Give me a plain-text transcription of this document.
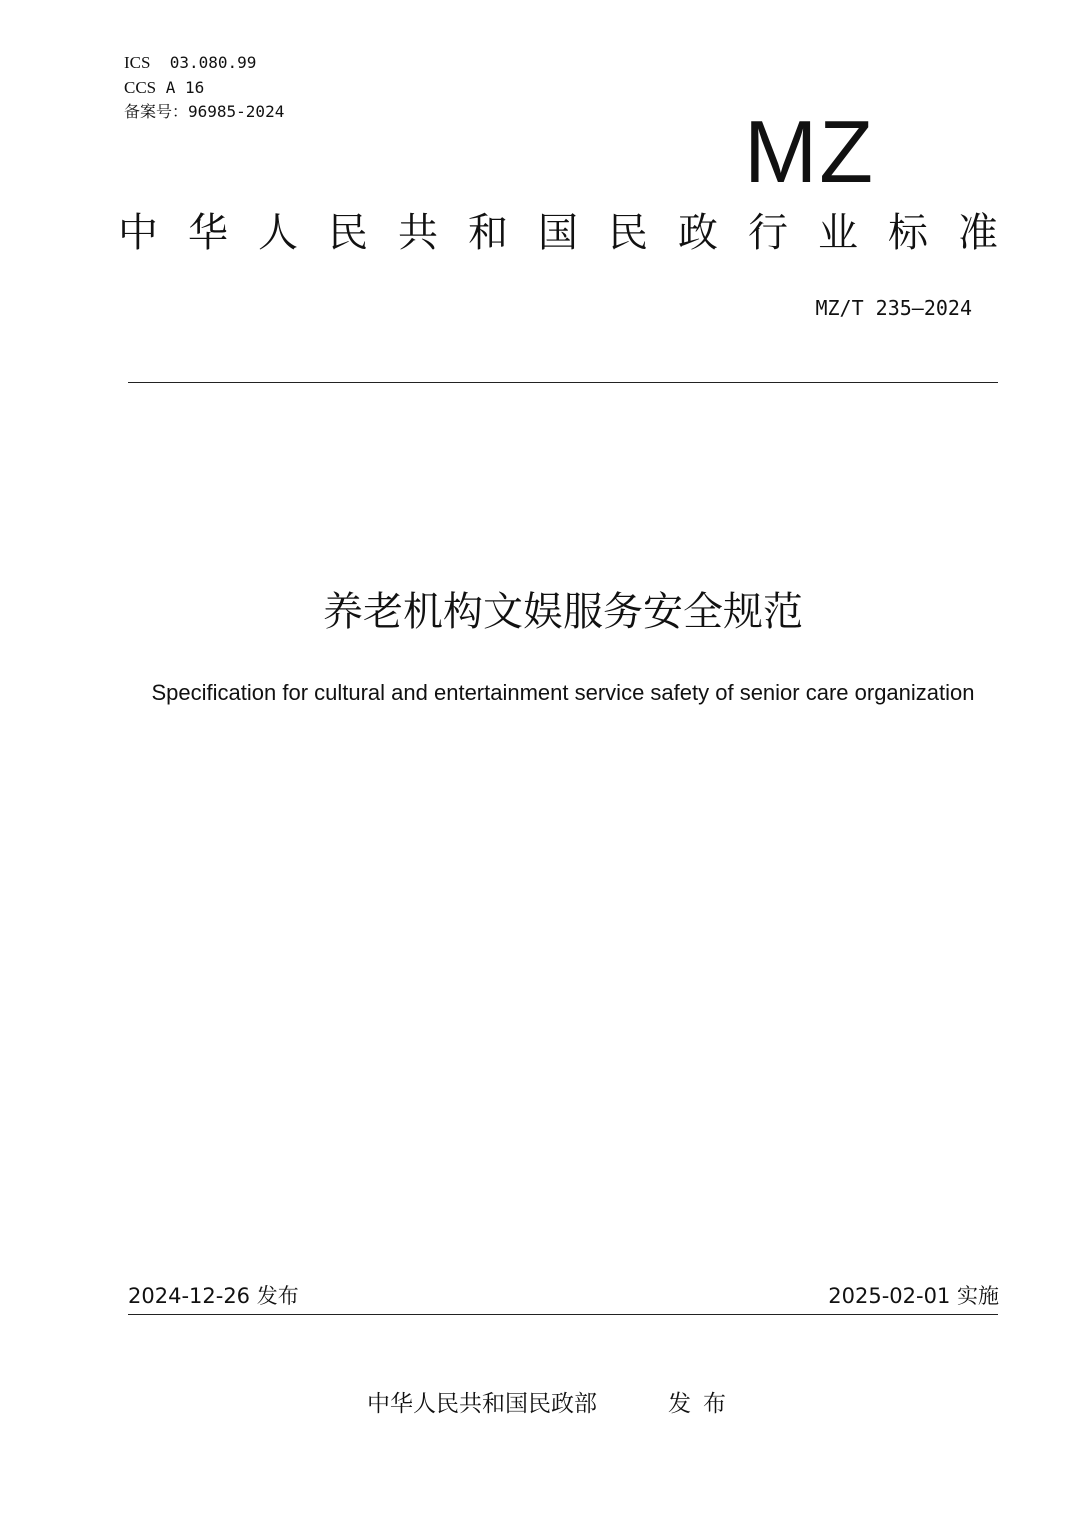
ICS 03.080.99
CCS A 16
备案号：96985-2024	MZ
中 华 人 民 共 和 国 民 政 行 业 标 准
MZ/T 235—2024
养老机构文娱服务安全规范
Specification for cultural and entertainment service safety of senior care organization
2024-12-26 发布	2025-02-01 实施
中华人民共和国民政部	发布
